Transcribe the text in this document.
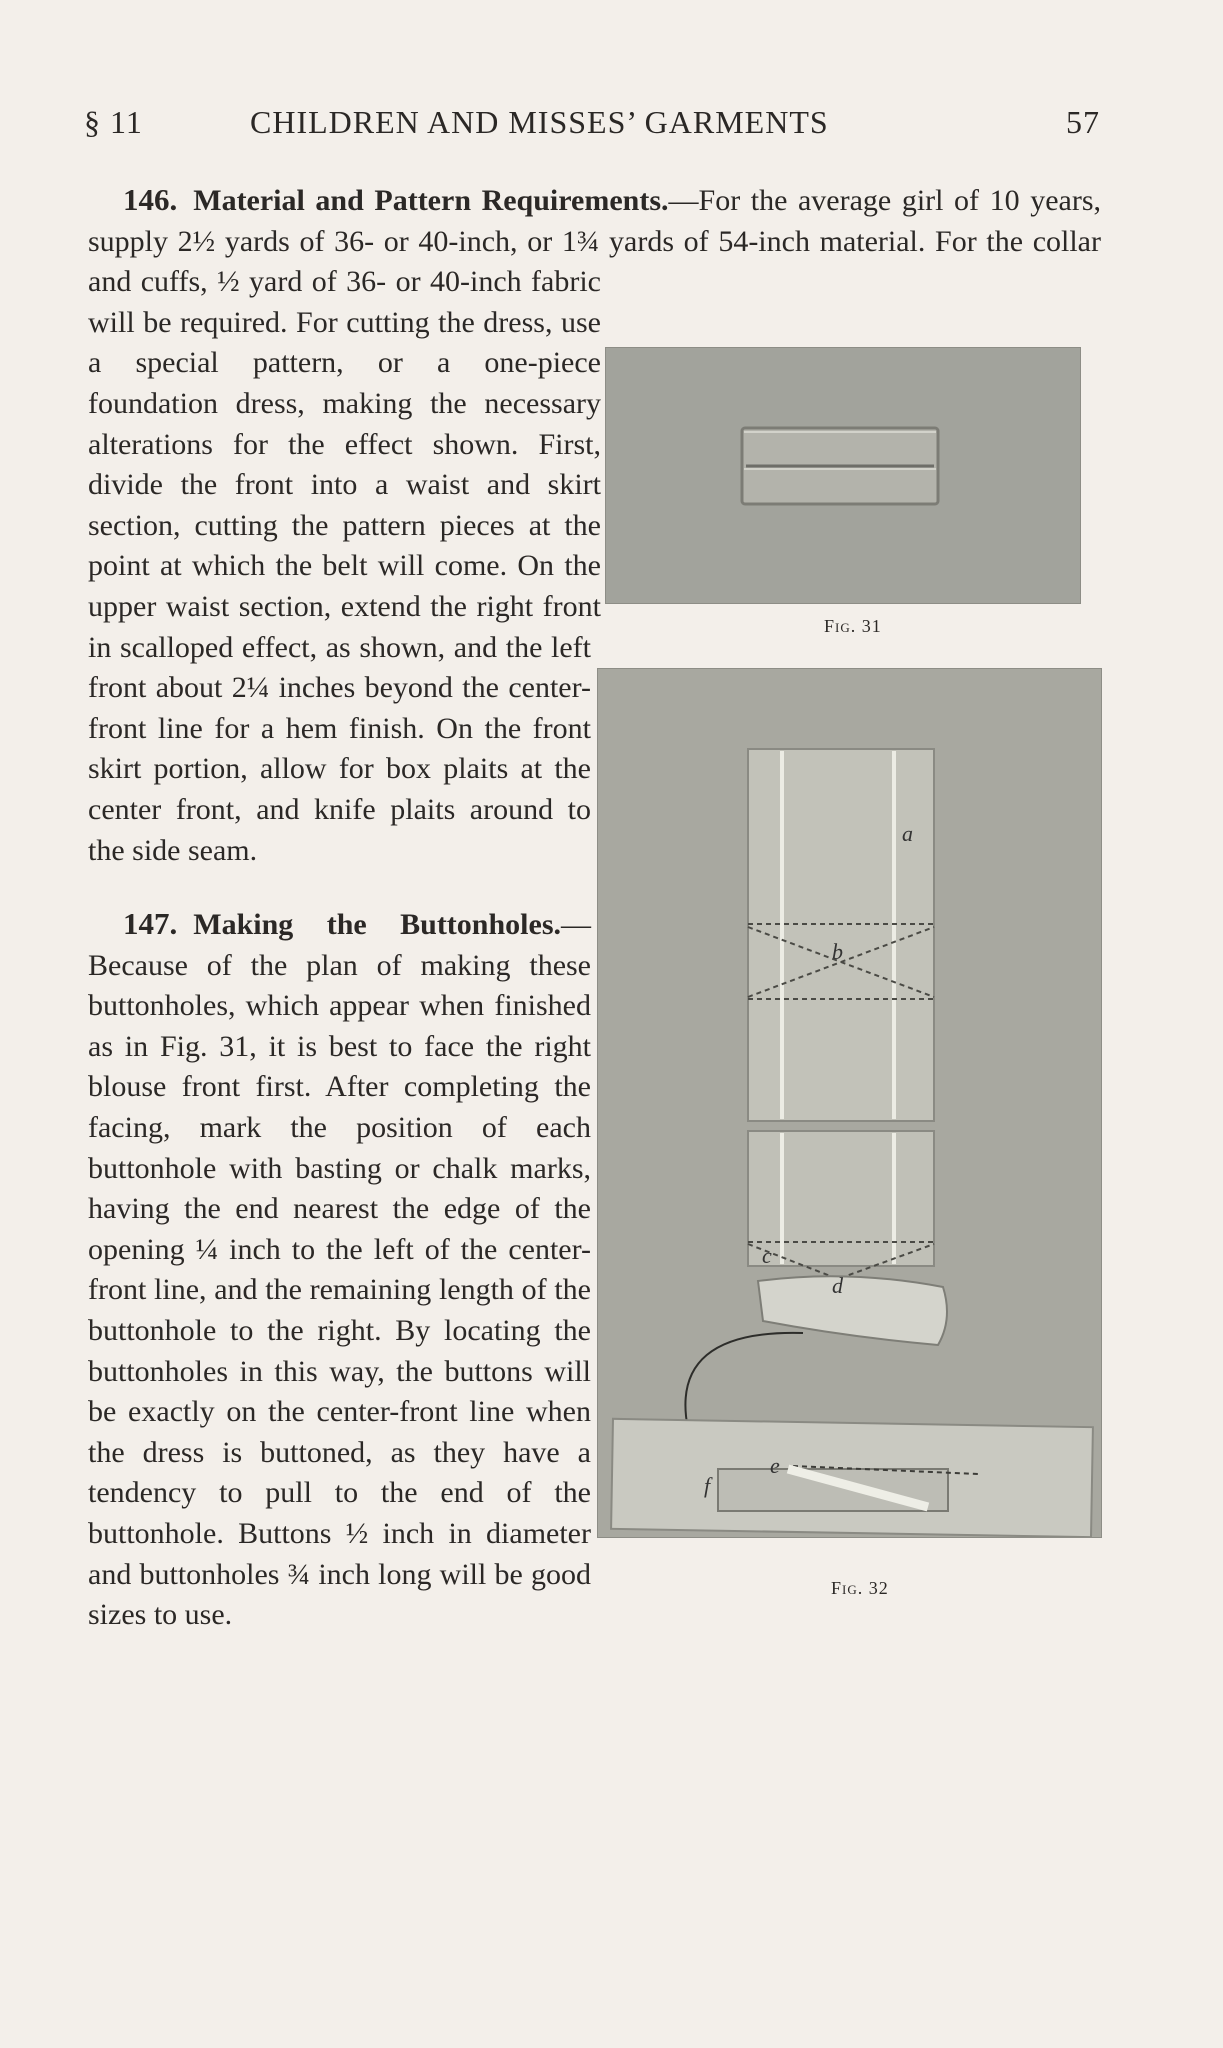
§ 11	CHILDREN AND MISSES’ GARMENTS	57
Fig. 31
a
b
c
d
e
f
Fig. 32

146. Material and Pattern Requirements.—For the average girl of 10 years, supply 2½ yards of 36- or 40-inch, or 1¾ yards of 54-inch material. For the collar and cuffs, ½ yard of 36- or 40-inch fabric will be required. For cutting the dress, use a special pattern, or a one-piece foundation dress, making the necessary alterations for the effect shown. First, divide the front into a waist and skirt section, cutting the pattern pieces at the point at which the belt will come. On the upper waist section, extend the right front in scalloped effect, as shown, and the left front about 2¼ inches beyond the center-front line for a hem finish. On the front skirt portion, allow for box plaits at the center front, and knife plaits around to the side seam.

147. Making the Buttonholes.—Because of the plan of making these buttonholes, which appear when finished as in Fig. 31, it is best to face the right blouse front first. After completing the facing, mark the position of each buttonhole with basting or chalk marks, having the end nearest the edge of the opening ¼ inch to the left of the center-front line, and the remaining length of the buttonhole to the right. By locating the buttonholes in this way, the buttons will be exactly on the center-front line when the dress is buttoned, as they have a tendency to pull to the end of the buttonhole. Buttons ½ inch in diameter and buttonholes ¾ inch long will be good sizes to use.
